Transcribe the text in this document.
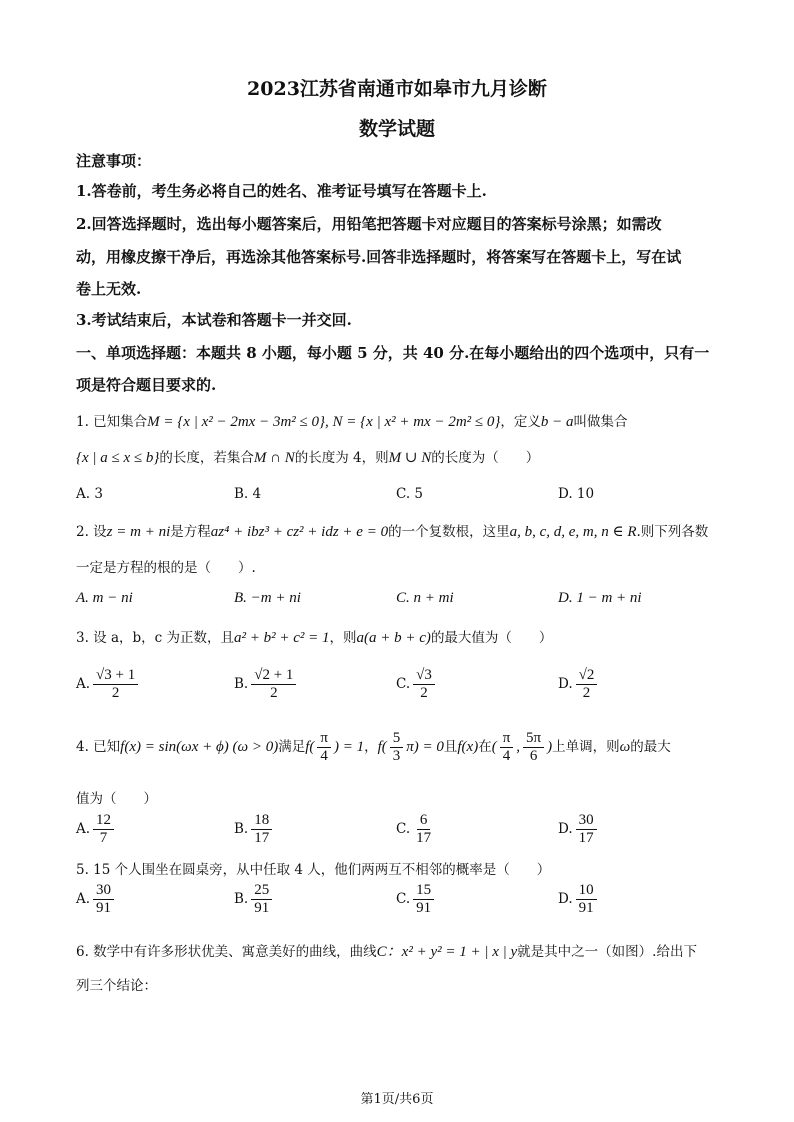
2023江苏省南通市如皋市九月诊断
数学试题
注意事项：
1.答卷前，考生务必将自己的姓名、准考证号填写在答题卡上.
2.回答选择题时，选出每小题答案后，用铅笔把答题卡对应题目的答案标号涂黑；如需改
动，用橡皮擦干净后，再选涂其他答案标号.回答非选择题时，将答案写在答题卡上，写在试
卷上无效.
3.考试结束后，本试卷和答题卡一并交回.
一、单项选择题：本题共 8 小题，每小题 5 分，共 40 分.在每小题给出的四个选项中，只有一
项是符合题目要求的.
1. 已知集合M = {x | x² − 2mx − 3m² ≤ 0}, N = {x | x² + mx − 2m² ≤ 0}，定义b − a叫做集合
{x | a ≤ x ≤ b}的长度，若集合M ∩ N的长度为 4，则M ∪ N的长度为（　　）
A. 3	B. 4	C. 5	D. 10
2. 设z = m + ni是方程az⁴ + ibz³ + cz² + idz + e = 0的一个复数根，这里a, b, c, d, e, m, n ∈ R.则下列各数
一定是方程的根的是（　　）.
A. m − ni	B. −m + ni	C. n + mi	D. 1 − m + ni
3. 设 a，b，c 为正数，且a² + b² + c² = 1，则a(a + b + c)的最大值为（　　）
A. $\frac{√3 + 1}{2}$	B. $\frac{√2 + 1}{2}$	C. $\frac{√3}{2}$	D. $\frac{√2}{2}$
4. 已知f(x) = sin(ωx + ϕ) (ω > 0)满足$f( \frac{\pi}{4}$ ) = 1，$f( \frac{5}{3} \pi) = 0$且f(x)在( $\frac{\pi}{4}$ , $\frac{5\pi}{6}$ )上单调，则ω的最大
值为（　　）
A. $\frac{12}{7}$	B. $\frac{18}{17}$	C. $\frac{6}{17}$	D. $\frac{30}{17}$
5. 15 个人围坐在圆桌旁，从中任取 4 人，他们两两互不相邻的概率是（　　）
A. $\frac{30}{91}$	B. $\frac{25}{91}$	C. $\frac{15}{91}$	D. $\frac{10}{91}$
6. 数学中有许多形状优美、寓意美好的曲线，曲线C：x² + y² = 1 + | x | y就是其中之一（如图）.给出下
列三个结论：
第1页/共6页
